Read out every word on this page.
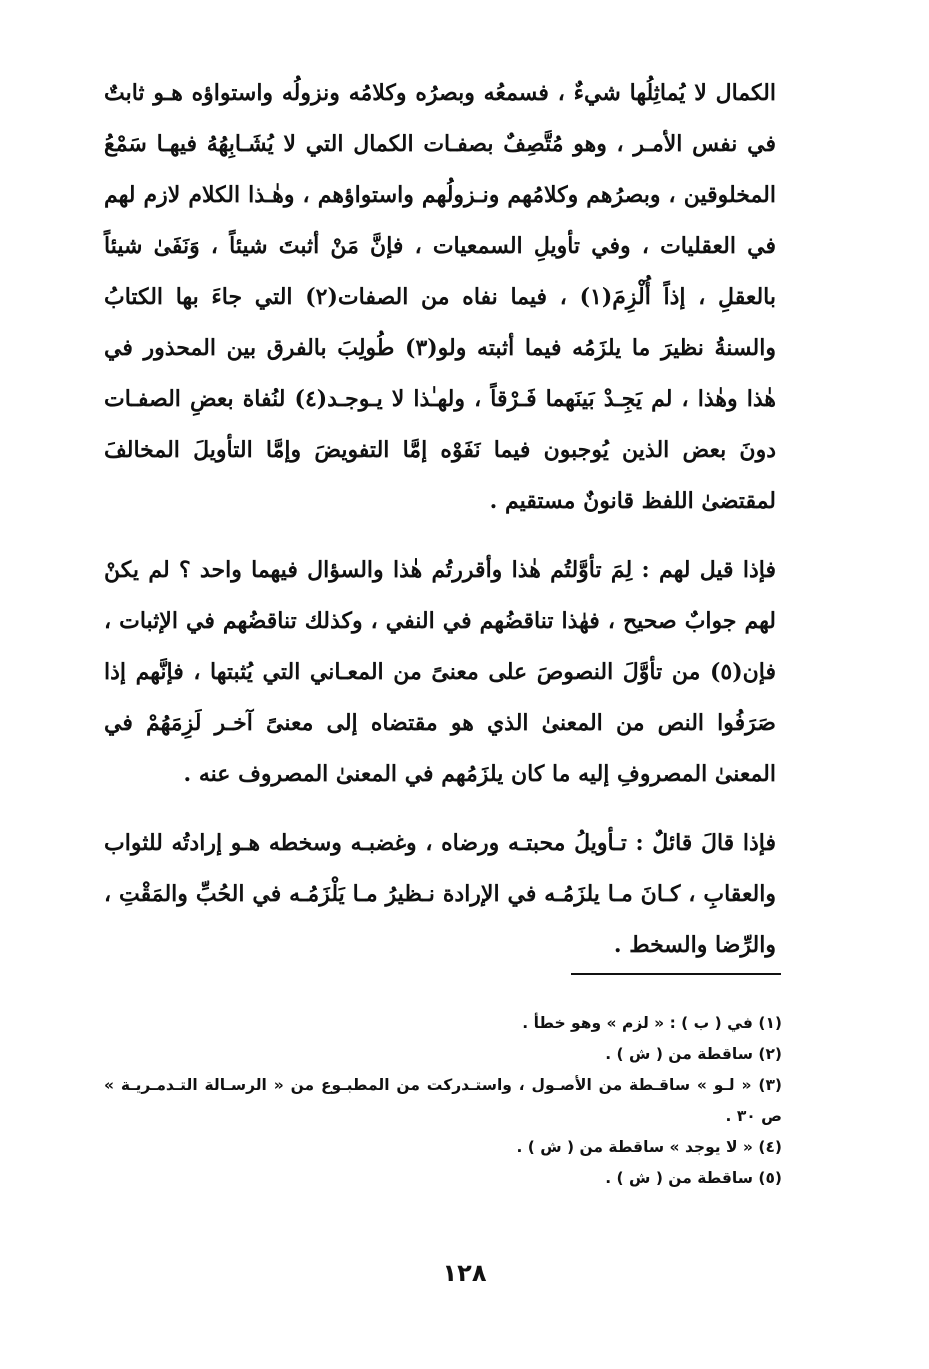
الكمال لا يُماثِلُها شيءٌ ، فسمعُه وبصرُه وكلامُه ونزولُه واستواؤه هـو ثابتٌ في نفس الأمـر ، وهو مُتَّصِفٌ بصفـات الكمال التي لا يُشَـابِهُهُ فيهـا سَمْعُ المخلوقين ، وبصرُهم وكلامُهم ونـزولُهم واستواؤهم ، وهٰـذا الكلام لازم لهم في العقليات ، وفي تأويلِ السمعيات ، فإنَّ مَنْ أثبتَ شيئاً ، وَنَفَىٰ شيئاً بالعقلِ ، إذاً أُلْزِمَ(١) ، فيما نفاه من الصفات(٢) التي جاءَ بها الكتابُ والسنةُ نظيرَ ما يلزَمُه فيما أثبته ولو(٣) طُولِبَ بالفرق بين المحذور في هٰذا وهٰذا ، لم يَجِـدْ بَينَهما فَـرْقاً ، ولهـٰذا لا يـوجـد(٤) لنُفاة بعضِ الصفـات دونَ بعض الذين يُوجبون فيما نَفَوْه إمَّا التفويضَ وإمَّا التأويلَ المخالفَ لمقتضىٰ اللفظ قانونٌ مستقيم .

فإذا قيل لهم : لِمَ تأوَّلتُم هٰذا وأقررتُم هٰذا والسؤال فيهما واحد ؟ لم يكنْ لهم جوابٌ صحيح ، فهٰذا تناقضُهم في النفي ، وكذلك تناقضُهم في الإثبات ، فإن(٥) من تأوَّلَ النصوصَ على معنىً من المعـاني التي يُثبتها ، فإنَّهم إذا صَرَفُوا النص من المعنىٰ الذي هو مقتضاه إلى معنىً آخـر لَزِمَهُمْ في المعنىٰ المصروفِ إليه ما كان يلزَمُهم في المعنىٰ المصروف عنه .

فإذا قالَ قائلٌ : تـأويلُ محبتـه ورضاه ، وغضبـه وسخطه هـو إرادتُه للثواب والعقابِ ، كـانَ مـا يلزَمُـه في الإرادة نـظيرُ مـا يَلْزَمُـه في الحُبِّ والمَقْتِ ، والرِّضا والسخط .

(١) في ( ب ) : « لزم » وهو خطأ .

(٢) ساقطة من ( ش ) .

(٣) « لـو » ساقـطة من الأصـول ، واستـدركت من المطبـوع من « الرسـالة التـدمـريـة » ص ٣٠ .

(٤) « لا يوجد » ساقطة من ( ش ) .

(٥) ساقطة من ( ش ) .

١٢٨
